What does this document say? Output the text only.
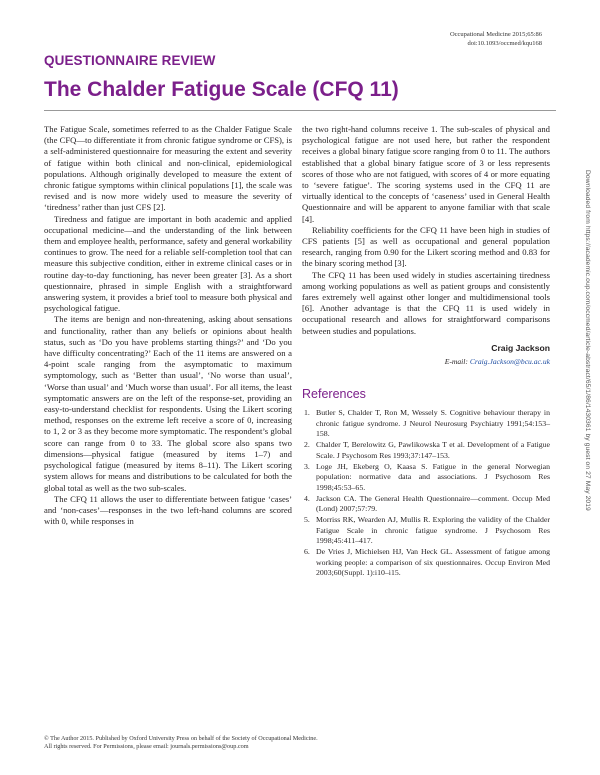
Occupational Medicine 2015;65:86
doi:10.1093/occmed/kqu168
QUESTIONNAIRE REVIEW
The Chalder Fatigue Scale (CFQ 11)

The Fatigue Scale, sometimes referred to as the Chalder Fatigue Scale (the CFQ—to differentiate it from chronic fatigue syndrome or CFS), is a self-administered questionnaire for measuring the extent and severity of fatigue within both clinical and non-clinical, epidemiological populations. Although originally developed to measure the extent of chronic fatigue symptoms within clinical populations [1], the scale was revised and is now more widely used to measure the severity of ‘tiredness’ rather than just CFS [2].

Tiredness and fatigue are important in both academic and applied occupational medicine—and the understanding of the link between them and employee health, performance, safety and general workability continues to grow. The need for a reliable self-completion tool that can measure this subjective condition, either in extreme clinical cases or in routine day-to-day functioning, has never been greater [3]. As a short questionnaire, phrased in simple English with a straightforward answering system, it provides a brief tool to measure both physical and psychological fatigue.

The items are benign and non-threatening, asking about sensations and functionality, rather than any beliefs or opinions about health status, such as ‘Do you have problems starting things?’ and ‘Do you have difficulty concentrating?’ Each of the 11 items are answered on a 4-point scale ranging from the asymptomatic to maximum symptomology, such as ‘Better than usual’, ‘No worse than usual’, ‘Worse than usual’ and ‘Much worse than usual’. For all items, the least symptomatic answers are on the left of the response-set, providing an easy-to-understand checklist for respondents. Using the Likert scoring method, responses on the extreme left receive a score of 0, increasing to 1, 2 or 3 as they become more symptomatic. The respondent’s global score can range from 0 to 33. The global score also spans two dimensions—physical fatigue (measured by items 1–7) and psychological fatigue (measured by items 8–11). The Likert scoring system allows for means and distributions to be calculated for both the global total as well as the two sub-scales.

The CFQ 11 allows the user to differentiate between fatigue ‘cases’ and ‘non-cases’—responses in the two left-hand columns are scored with 0, while responses in

the two right-hand columns receive 1. The sub-scales of physical and psychological fatigue are not used here, but rather the respondent receives a global binary fatigue score ranging from 0 to 11. The authors established that a global binary fatigue score of 3 or less represents scores of those who are not fatigued, with scores of 4 or more equating to ‘severe fatigue’. The scoring systems used in the CFQ 11 are virtually identical to the concepts of ‘caseness’ used in General Health Questionnaire and will be apparent to anyone familiar with that scale [4].

Reliability coefficients for the CFQ 11 have been high in studies of CFS patients [5] as well as occupational and general population research, ranging from 0.90 for the Likert scoring method and 0.83 for the binary scoring method [3].

The CFQ 11 has been used widely in studies ascertaining tiredness among working populations as well as patient groups and consistently fares extremely well against other longer and multidimensional tools [6]. Another advantage is that the CFQ 11 is used widely in occupational research and allows for straightforward comparisons between studies and populations.

Craig Jackson
E-mail: Craig.Jackson@bcu.ac.uk
References
1. Butler S, Chalder T, Ron M, Wessely S. Cognitive behaviour therapy in chronic fatigue syndrome. J Neurol Neurosurg Psychiatry 1991;54:153–158.
2. Chalder T, Berelowitz G, Pawlikowska T et al. Development of a Fatigue Scale. J Psychosom Res 1993;37:147–153.
3. Loge JH, Ekeberg O, Kaasa S. Fatigue in the general Norwegian population: normative data and associations. J Psychosom Res 1998;45:53–65.
4. Jackson CA. The General Health Questionnaire—comment. Occup Med (Lond) 2007;57:79.
5. Morriss RK, Wearden AJ, Mullis R. Exploring the validity of the Chalder Fatigue Scale in chronic fatigue syndrome. J Psychosom Res 1998;45:411–417.
6. De Vries J, Michielsen HJ, Van Heck GL. Assessment of fatigue among working people: a comparison of six questionnaires. Occup Environ Med 2003;60(Suppl. 1):i10–i15.
© The Author 2015. Published by Oxford University Press on behalf of the Society of Occupational Medicine.
All rights reserved. For Permissions, please email: journals.permissions@oup.com
Downloaded from https://academic.oup.com/occmed/article-abstract/65/1/86/1430361 by guest on 27 May 2019
